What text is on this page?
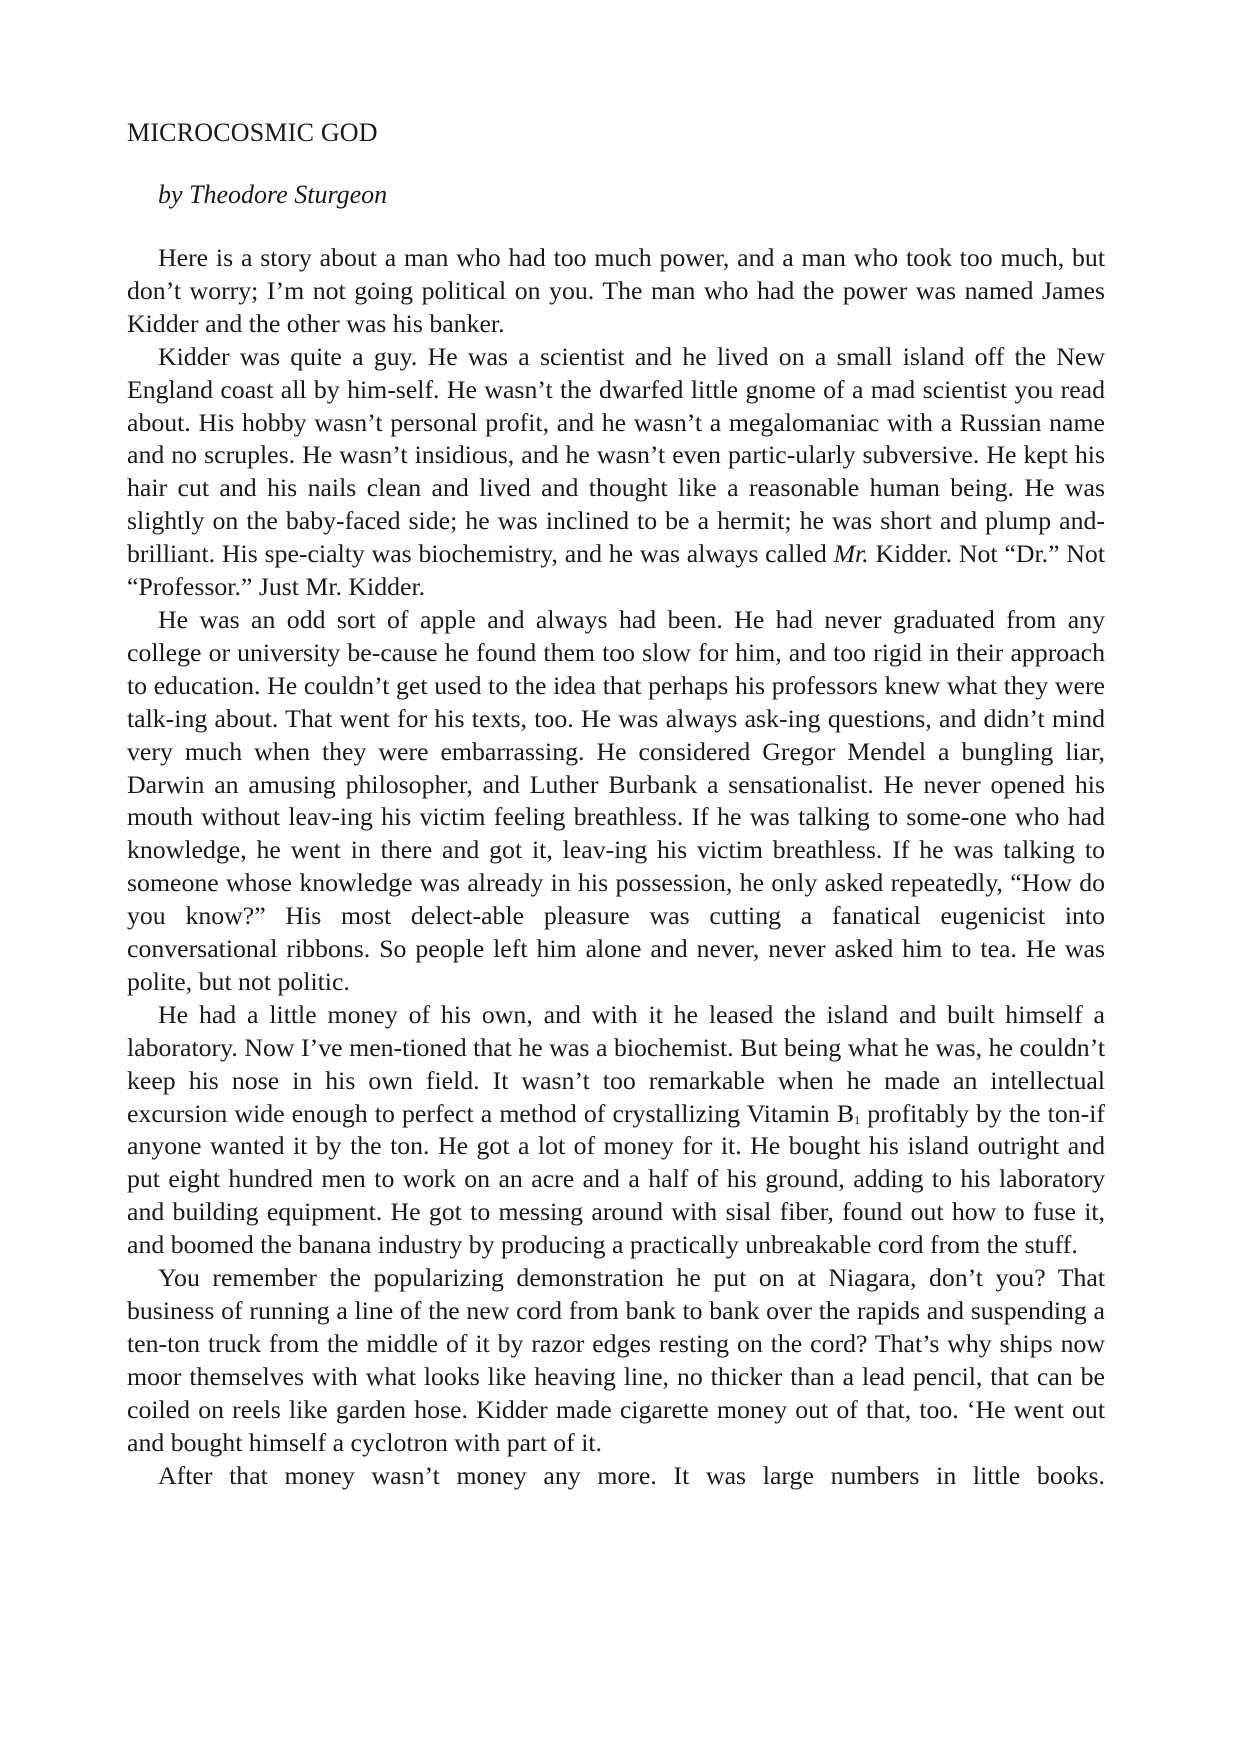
MICROCOSMIC GOD
by Theodore Sturgeon

Here is a story about a man who had too much power, and a man who took too much, but don’t worry; I’m not going political on you. The man who had the power was named James Kidder and the other was his banker.

Kidder was quite a guy. He was a scientist and he lived on a small island off the New England coast all by him-self. He wasn’t the dwarfed little gnome of a mad scientist you read about. His hobby wasn’t personal profit, and he wasn’t a megalomaniac with a Russian name and no scruples. He wasn’t insidious, and he wasn’t even partic-ularly subversive. He kept his hair cut and his nails clean and lived and thought like a reasonable human being. He was slightly on the baby-faced side; he was inclined to be a hermit; he was short and plump and-brilliant. His spe-cialty was biochemistry, and he was always called Mr. Kidder. Not “Dr.” Not “Professor.” Just Mr. Kidder.

He was an odd sort of apple and always had been. He had never graduated from any college or university be-cause he found them too slow for him, and too rigid in their approach to education. He couldn’t get used to the idea that perhaps his professors knew what they were talk-ing about. That went for his texts, too. He was always ask-ing questions, and didn’t mind very much when they were embarrassing. He considered Gregor Mendel a bungling liar, Darwin an amusing philosopher, and Luther Burbank a sensationalist. He never opened his mouth without leav-ing his victim feeling breathless. If he was talking to some-one who had knowledge, he went in there and got it, leav-ing his victim breathless. If he was talking to someone whose knowledge was already in his possession, he only asked repeatedly, “How do you know?” His most delect-able pleasure was cutting a fanatical eugenicist into conversational ribbons. So people left him alone and never, never asked him to tea. He was polite, but not politic.

He had a little money of his own, and with it he leased the island and built himself a laboratory. Now I’ve men-tioned that he was a biochemist. But being what he was, he couldn’t keep his nose in his own field. It wasn’t too remarkable when he made an intellectual excursion wide enough to perfect a method of crystallizing Vitamin $B_1$ profitably by the ton-if anyone wanted it by the ton. He got a lot of money for it. He bought his island outright and put eight hundred men to work on an acre and a half of his ground, adding to his laboratory and building equipment. He got to messing around with sisal fiber, found out how to fuse it, and boomed the banana industry by producing a practically unbreakable cord from the stuff.

You remember the popularizing demonstration he put on at Niagara, don’t you? That business of running a line of the new cord from bank to bank over the rapids and suspending a ten-ton truck from the middle of it by razor edges resting on the cord? That’s why ships now moor themselves with what looks like heaving line, no thicker than a lead pencil, that can be coiled on reels like garden hose. Kidder made cigarette money out of that, too. ‘He went out and bought himself a cyclotron with part of it.

After that money wasn’t money any more. It was large numbers in little books.
